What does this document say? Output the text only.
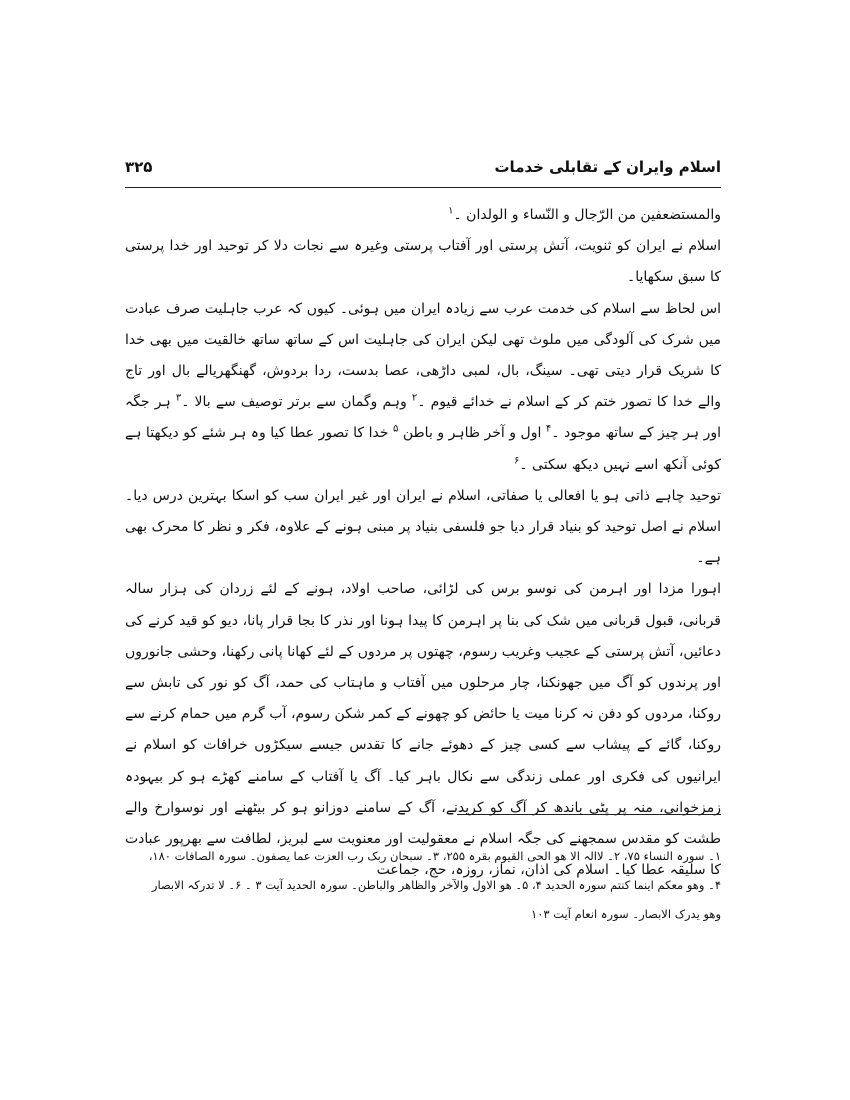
اسلام وایران کے تقابلی خدمات
۳۲۵

والمستضعفین من الرّجال و النّساء و الولدان ۔$^۱$

اسلام نے ایران کو ثنویت، آتش پرستی اور آفتاب پرستی وغیرہ سے نجات دلا کر توحید اور خدا پرستی کا سبق سکھایا۔

اس لحاظ سے اسلام کی خدمت عرب سے زیادہ ایران میں ہوئی۔ کیوں کہ عرب جاہلیت صرف عبادت میں شرک کی آلودگی میں ملوث تھی لیکن ایران کی جاہلیت اس کے ساتھ ساتھ خالقیت میں بھی خدا کا شریک قرار دیتی تھی۔ سینگ، بال، لمبی داڑھی، عصا بدست، ردا بردوش، گھنگھریالے بال اور تاج والے خدا کا تصور ختم کر کے اسلام نے خدائے قیوم ۔$^۲$ وہم وگمان سے برتر توصیف سے بالا ۔$^۳$ ہر جگہ اور ہر چیز کے ساتھ موجود ۔$^۴$ اول و آخر ظاہر و باطن $^۵$ خدا کا تصور عطا کیا وہ ہر شئے کو دیکھتا ہے کوئی آنکھ اسے نہیں دیکھ سکتی ۔$^۶$

توحید چاہے ذاتی ہو یا افعالی یا صفاتی، اسلام نے ایران اور غیر ایران سب کو اسکا بہترین درس دیا۔ اسلام نے اصل توحید کو بنیاد قرار دیا جو فلسفی بنیاد پر مبنی ہونے کے علاوہ، فکر و نظر کا محرک بھی ہے۔

اہورا مزدا اور اہرمن کی نوسو برس کی لڑائی، صاحب اولاد، ہونے کے لئے زردان کی ہزار سالہ قربانی، قبول قربانی میں شک کی بنا پر اہرمن کا پیدا ہونا اور نذر کا بجا قرار پانا، دیو کو قید کرنے کی دعائیں، آتش پرستی کے عجیب وغریب رسوم، چھتوں پر مردوں کے لئے کھانا پانی رکھنا، وحشی جانوروں اور پرندوں کو آگ میں جھونکنا، چار مرحلوں میں آفتاب و ماہتاب کی حمد، آگ کو نور کی تابش سے روکنا، مردوں کو دفن نہ کرنا میت یا حائض کو چھونے کے کمر شکن رسوم، آب گرم میں حمام کرنے سے روکنا، گائے کے پیشاب سے کسی چیز کے دھوئے جانے کا تقدس جیسے سیکڑوں خرافات کو اسلام نے ایرانیوں کی فکری اور عملی زندگی سے نکال باہر کیا۔ آگ یا آفتاب کے سامنے کھڑے ہو کر بیہودہ زمزخوانی، منہ پر پٹی باندھ کر آگ کو کریدنے، آگ کے سامنے دوزانو ہو کر بیٹھنے اور نوسوارخ والے طشت کو مقدس سمجھنے کی جگہ اسلام نے معقولیت اور معنویت سے لبریز، لطافت سے بھرپور عبادت کا سلیقہ عطا کیا۔ اسلام کی اذان، نماز، روزہ، حج، جماعت

۱۔ سورہ النساء ۷۵، ۲۔ لاالہ الا ھو الحی القیوم بقرہ ۲۵۵، ۳۔ سبحان ربک رب العزت عما یصفون۔ سورہ الصافات ۱۸۰،
۴۔ وھو معکم اینما کنتم سورہ الحدید ۴، ۵۔ ھو الاول والآخر والظاھر والباطن۔ سورہ الحدید آیت ۳ ۔ ۶۔ لا تدرکہ الابصار
وھو یدرک الابصار۔ سورہ انعام آیت ۱۰۳
